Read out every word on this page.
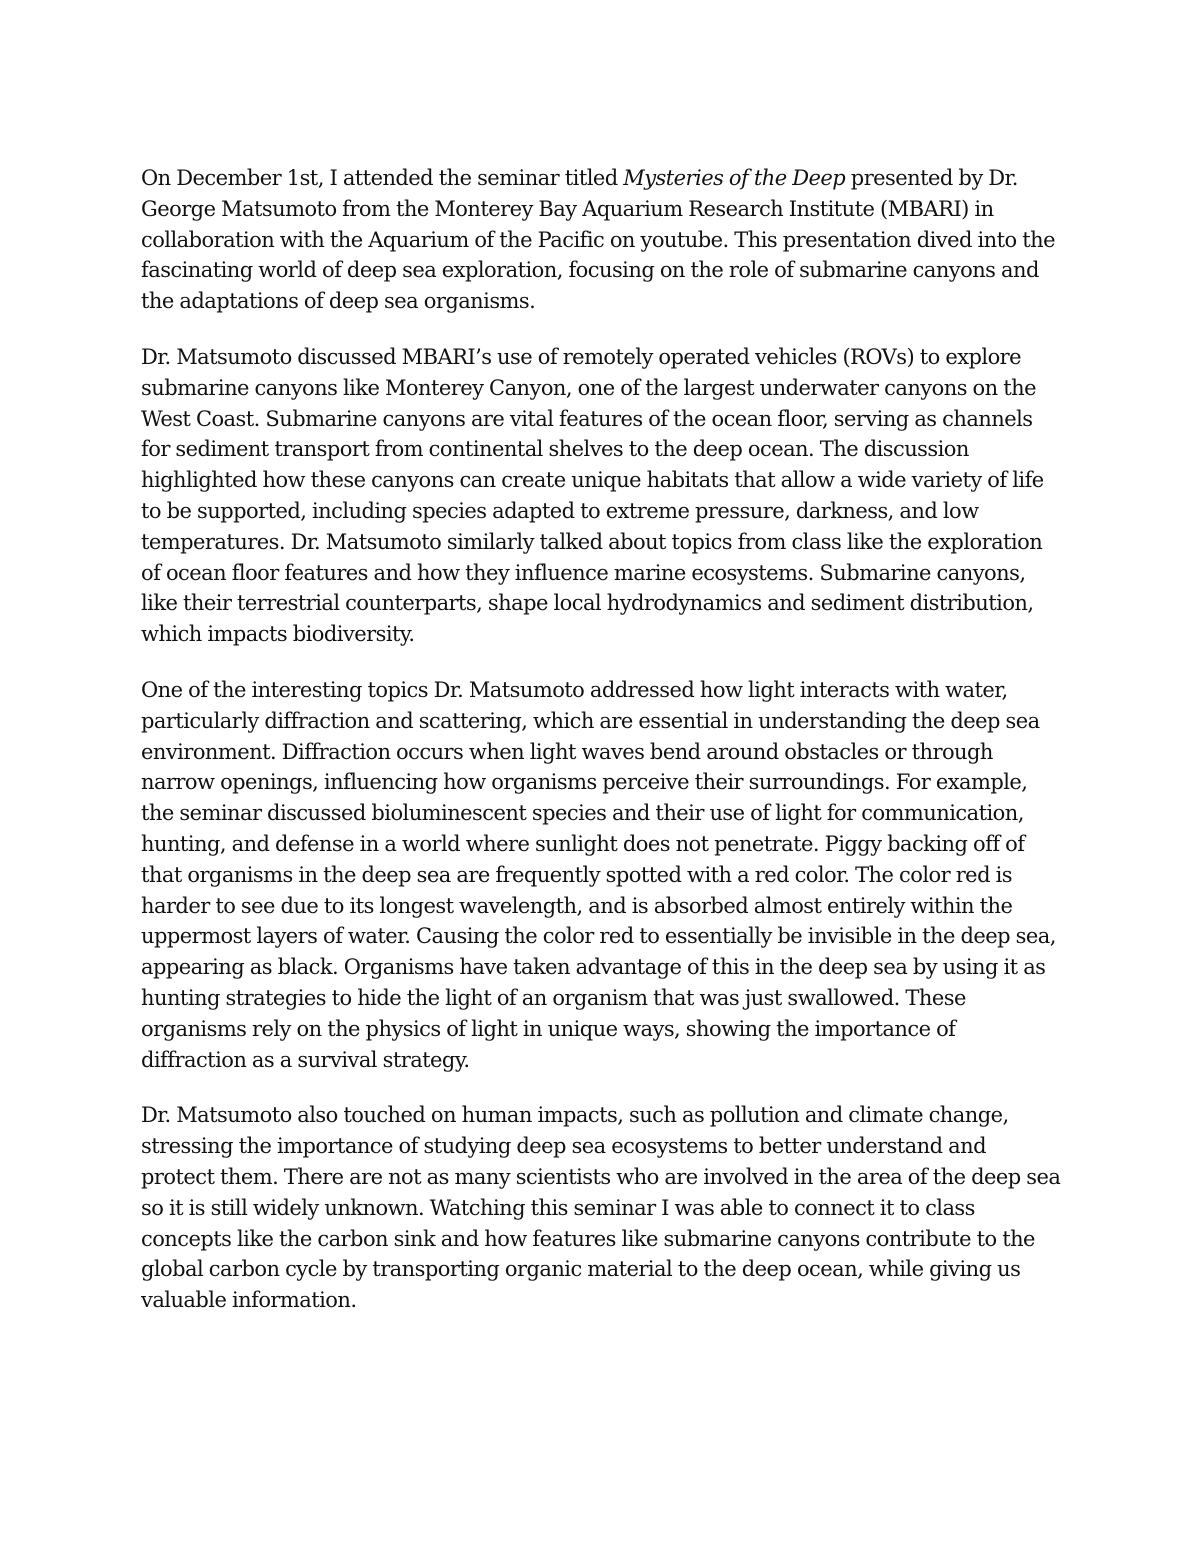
On December 1st, I attended the seminar titled Mysteries of the Deep presented by Dr. George Matsumoto from the Monterey Bay Aquarium Research Institute (MBARI) in collaboration with the Aquarium of the Pacific on youtube. This presentation dived into the fascinating world of deep sea exploration, focusing on the role of submarine canyons and the adaptations of deep sea organisms.

Dr. Matsumoto discussed MBARI’s use of remotely operated vehicles (ROVs) to explore submarine canyons like Monterey Canyon, one of the largest underwater canyons on the West Coast. Submarine canyons are vital features of the ocean floor, serving as channels for sediment transport from continental shelves to the deep ocean. The discussion highlighted how these canyons can create unique habitats that allow a wide variety of life to be supported, including species adapted to extreme pressure, darkness, and low temperatures. Dr. Matsumoto similarly talked about topics from class like the exploration of ocean floor features and how they influence marine ecosystems. Submarine canyons, like their terrestrial counterparts, shape local hydrodynamics and sediment distribution, which impacts biodiversity.

One of the interesting topics Dr. Matsumoto addressed how light interacts with water, particularly diffraction and scattering, which are essential in understanding the deep sea environment. Diffraction occurs when light waves bend around obstacles or through narrow openings, influencing how organisms perceive their surroundings. For example, the seminar discussed bioluminescent species and their use of light for communication, hunting, and defense in a world where sunlight does not penetrate. Piggy backing off of that organisms in the deep sea are frequently spotted with a red color. The color red is harder to see due to its longest wavelength, and is absorbed almost entirely within the uppermost layers of water. Causing the color red to essentially be invisible in the deep sea, appearing as black. Organisms have taken advantage of this in the deep sea by using it as hunting strategies to hide the light of an organism that was just swallowed. These organisms rely on the physics of light in unique ways, showing the importance of diffraction as a survival strategy.

Dr. Matsumoto also touched on human impacts, such as pollution and climate change, stressing the importance of studying deep sea ecosystems to better understand and protect them. There are not as many scientists who are involved in the area of the deep sea so it is still widely unknown. Watching this seminar I was able to connect it to class concepts like the carbon sink and how features like submarine canyons contribute to the global carbon cycle by transporting organic material to the deep ocean, while giving us valuable information.
